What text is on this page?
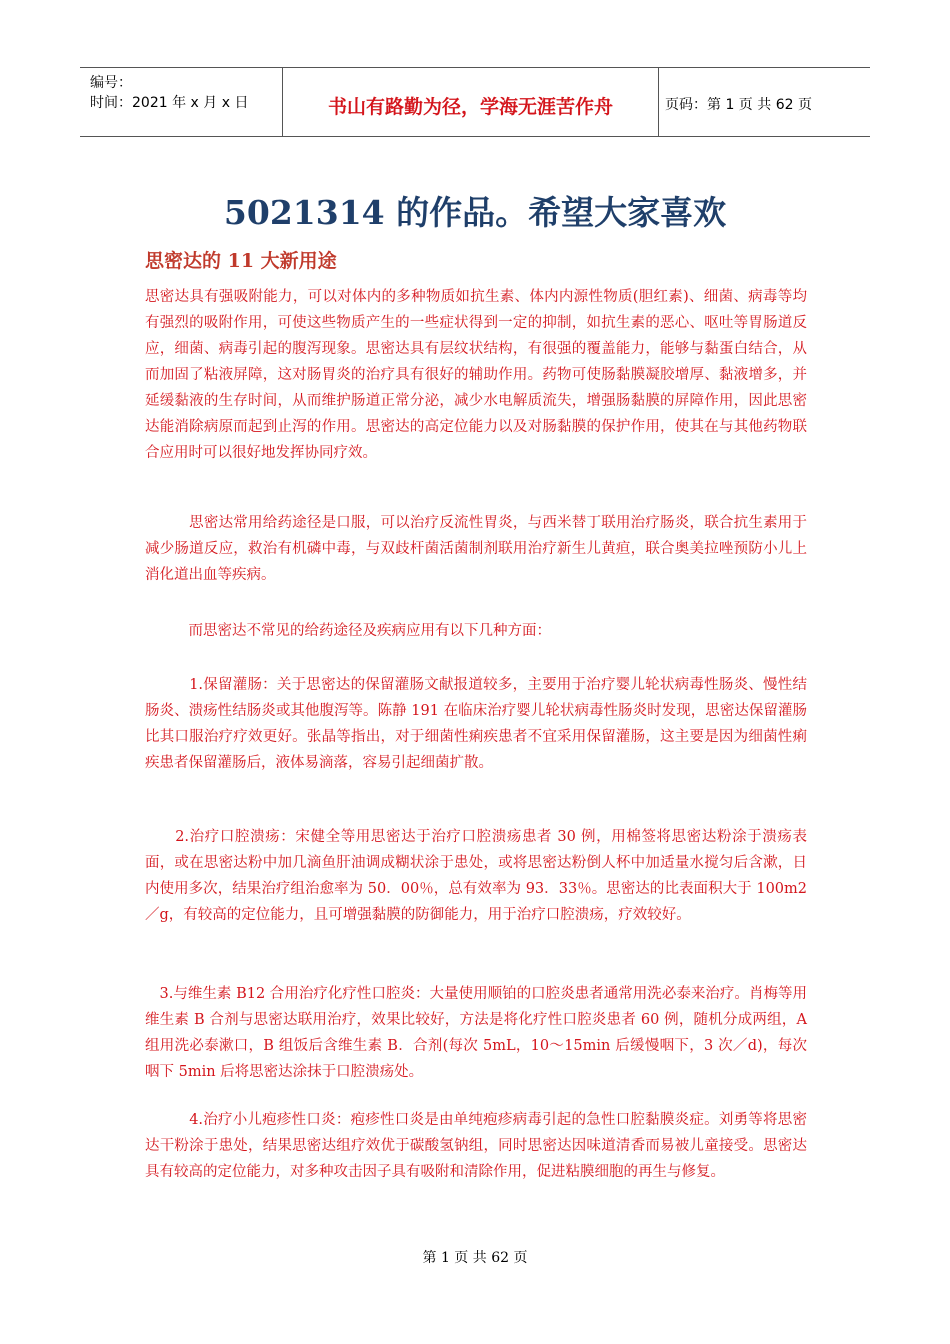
编号：
时间：2021 年 x 月 x 日	书山有路勤为径，学海无涯苦作舟	页码：第 1 页 共 62 页
5021314 的作品。希望大家喜欢
思密达的 11 大新用途

思密达具有强吸附能力，可以对体内的多种物质如抗生素、体内内源性物质(胆红素)、细菌、病毒等均有强烈的吸附作用，可使这些物质产生的一些症状得到一定的抑制，如抗生素的恶心、呕吐等胃肠道反应，细菌、病毒引起的腹泻现象。思密达具有层纹状结构，有很强的覆盖能力，能够与黏蛋白结合，从而加固了粘液屏障，这对肠胃炎的治疗具有很好的辅助作用。药物可使肠黏膜凝胶增厚、黏液增多，并延缓黏液的生存时间，从而维护肠道正常分泌，减少水电解质流失，增强肠黏膜的屏障作用，因此思密达能消除病原而起到止泻的作用。思密达的高定位能力以及对肠黏膜的保护作用，使其在与其他药物联合应用时可以很好地发挥协同疗效。

　　　思密达常用给药途径是口服，可以治疗反流性胃炎，与西米替丁联用治疗肠炎，联合抗生素用于减少肠道反应，救治有机磷中毒，与双歧杆菌活菌制剂联用治疗新生儿黄疸，联合奥美拉唑预防小儿上消化道出血等疾病。

　　　而思密达不常见的给药途径及疾病应用有以下几种方面：

　　　1.保留灌肠：关于思密达的保留灌肠文献报道较多，主要用于治疗婴儿轮状病毒性肠炎、慢性结肠炎、溃疡性结肠炎或其他腹泻等。陈静 191 在临床治疗婴儿轮状病毒性肠炎时发现，思密达保留灌肠比其口服治疗疗效更好。张晶等指出，对于细菌性痢疾患者不宜采用保留灌肠，这主要是因为细菌性痢疾患者保留灌肠后，液体易滴落，容易引起细菌扩散。

　　2.治疗口腔溃疡：宋健全等用思密达于治疗口腔溃疡患者 30 例，用棉签将思密达粉涂于溃疡表面，或在思密达粉中加几滴鱼肝油调成糊状涂于患处，或将思密达粉倒人杯中加适量水搅匀后含漱，日内使用多次，结果治疗组治愈率为 50．00％，总有效率为 93．33％。思密达的比表面积大于 100m2／g，有较高的定位能力，且可增强黏膜的防御能力，用于治疗口腔溃疡，疗效较好。

　3.与维生素 B12 合用治疗化疗性口腔炎：大量使用顺铂的口腔炎患者通常用洗必泰来治疗。肖梅等用维生素 B 合剂与思密达联用治疗，效果比较好，方法是将化疗性口腔炎患者 60 例，随机分成两组，A 组用洗必泰漱口，B 组饭后含维生素 B．合剂(每次 5mL，10～15min 后缓慢咽下，3 次／d)，每次咽下 5min 后将思密达涂抹于口腔溃疡处。

　　　4.治疗小儿疱疹性口炎：疱疹性口炎是由单纯疱疹病毒引起的急性口腔黏膜炎症。刘勇等将思密达干粉涂于患处，结果思密达组疗效优于碳酸氢钠组，同时思密达因味道清香而易被儿童接受。思密达具有较高的定位能力，对多种攻击因子具有吸附和清除作用，促进粘膜细胞的再生与修复。

第 1 页 共 62 页
